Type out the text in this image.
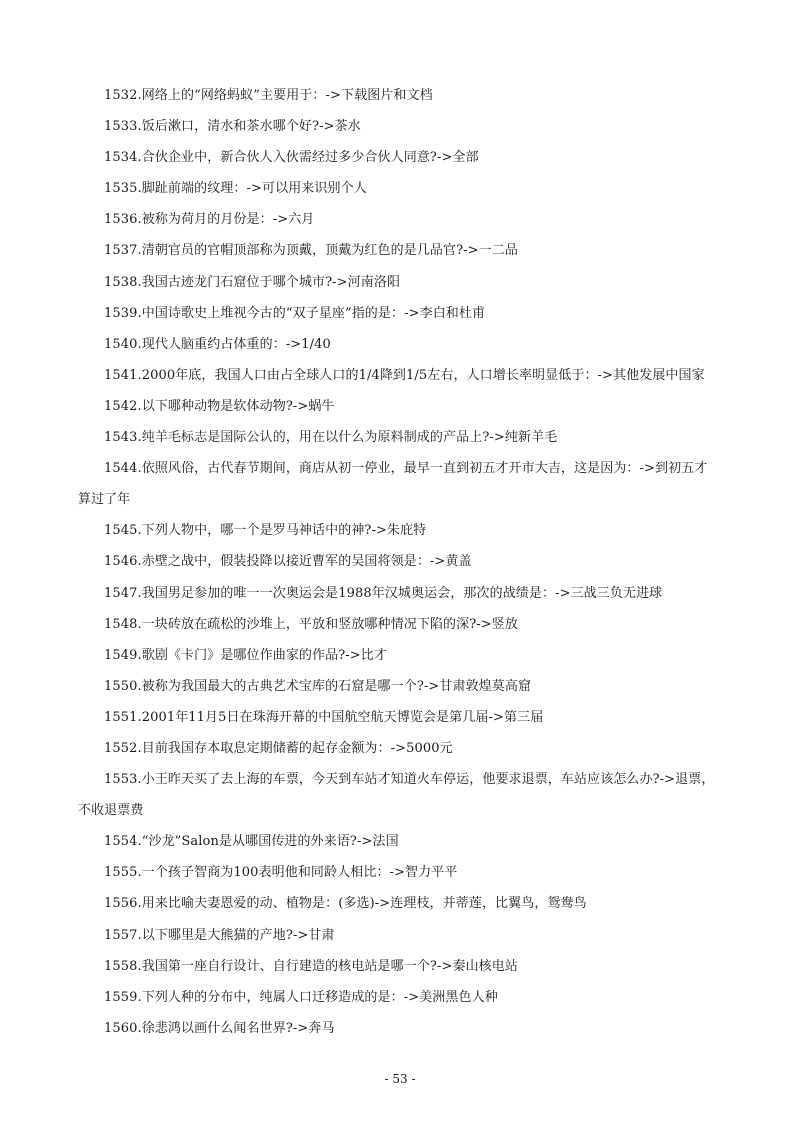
1532.网络上的“网络蚂蚁”主要用于：->下载图片和文档
1533.饭后漱口，清水和茶水哪个好?->茶水
1534.合伙企业中，新合伙人入伙需经过多少合伙人同意?->全部
1535.脚趾前端的纹理：->可以用来识别个人
1536.被称为荷月的月份是：->六月
1537.清朝官员的官帽顶部称为顶戴，顶戴为红色的是几品官?->一二品
1538.我国古迹龙门石窟位于哪个城市?->河南洛阳
1539.中国诗歌史上堆视今古的“双子星座”指的是：->李白和杜甫
1540.现代人脑重约占体重的：->1/40
1541.2000年底，我国人口由占全球人口的1/4降到1/5左右，人口增长率明显低于：->其他发展中国家
1542.以下哪种动物是软体动物?->蜗牛
1543.纯羊毛标志是国际公认的，用在以什么为原料制成的产品上?->纯新羊毛
1544.依照风俗，古代春节期间，商店从初一停业，最早一直到初五才开市大吉，这是因为：->到初五才算过了年
1545.下列人物中，哪一个是罗马神话中的神?->朱庇特
1546.赤壁之战中，假装投降以接近曹军的吴国将领是：->黄盖
1547.我国男足参加的唯一一次奥运会是1988年汉城奥运会，那次的战绩是：->三战三负无进球
1548.一块砖放在疏松的沙堆上，平放和竖放哪种情况下陷的深?->竖放
1549.歌剧《卡门》是哪位作曲家的作品?->比才
1550.被称为我国最大的古典艺术宝库的石窟是哪一个?->甘肃敦煌莫高窟
1551.2001年11月5日在珠海开幕的中国航空航天博览会是第几届->第三届
1552.目前我国存本取息定期储蓄的起存金额为：->5000元
1553.小王昨天买了去上海的车票，今天到车站才知道火车停运，他要求退票，车站应该怎么办?->退票，不收退票费
1554.“沙龙”Salon是从哪国传进的外来语?->法国
1555.一个孩子智商为100表明他和同龄人相比：->智力平平
1556.用来比喻夫妻恩爱的动、植物是：(多选)->连理枝，并蒂莲，比翼鸟，鸳鸯鸟
1557.以下哪里是大熊猫的产地?->甘肃
1558.我国第一座自行设计、自行建造的核电站是哪一个?->秦山核电站
1559.下列人种的分布中，纯属人口迁移造成的是：->美洲黑色人种
1560.徐悲鸿以画什么闻名世界?->奔马
- 53 -
